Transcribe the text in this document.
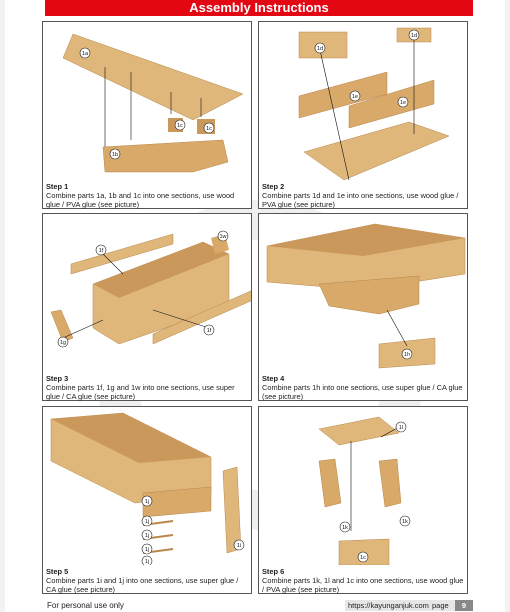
Assembly Instructions
1a
1b
1c	1c
Step 1
Combine parts 1a, 1b and 1c into one sections, use wood glue / PVA glue (see picture)
1d
1d
1e
1e
Step 2
Combine parts 1d and 1e into one sections, use wood glue / PVA glue (see picture)
1f
1w
1g
1f
Step 3
Combine parts 1f, 1g and 1w into one sections, use super glue / CA glue (see picture)
1h
Step 4
Combine parts 1h into one sections, use super glue / CA glue (see picture)
1j
1j
1j
1j
1j
1i
Step 5
Combine parts 1i and 1j into one sections, use super glue / CA glue (see picture)
1l
1k
1k
1c
Step 6
Combine parts 1k, 1l and 1c into one sections, use wood glue / PVA glue (see picture)
For personal use only	https://kayunganjuk.com page	9
